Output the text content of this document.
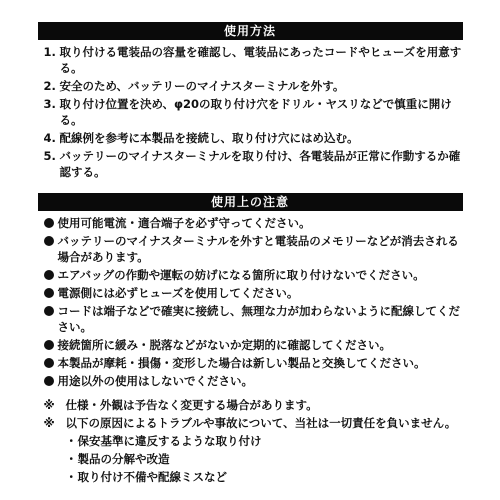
使用方法
1. 取り付ける電装品の容量を確認し、電装品にあったコードやヒューズを用意する。
2. 安全のため、バッテリーのマイナスターミナルを外す。
3. 取り付け位置を決め、φ20の取り付け穴をドリル・ヤスリなどで慎重に開ける。
4. 配線例を参考に本製品を接続し、取り付け穴にはめ込む。
5. バッテリーのマイナスターミナルを取り付け、各電装品が正常に作動するか確認する。
使用上の注意
使用可能電流・適合端子を必ず守ってください。
バッテリーのマイナスターミナルを外すと電装品のメモリーなどが消去される場合があります。
エアバッグの作動や運転の妨げになる箇所に取り付けないでください。
電源側には必ずヒューズを使用してください。
コードは端子などで確実に接続し、無理な力が加わらないように配線してください。
接続箇所に緩み・脱落などがないか定期的に確認してください。
本製品が摩耗・損傷・変形した場合は新しい製品と交換してください。
用途以外の使用はしないでください。
※ 仕様・外観は予告なく変更する場合があります。
※ 以下の原因によるトラブルや事故について、当社は一切責任を負いません。
・ 保安基準に違反するような取り付け
・ 製品の分解や改造
・ 取り付け不備や配線ミスなど
